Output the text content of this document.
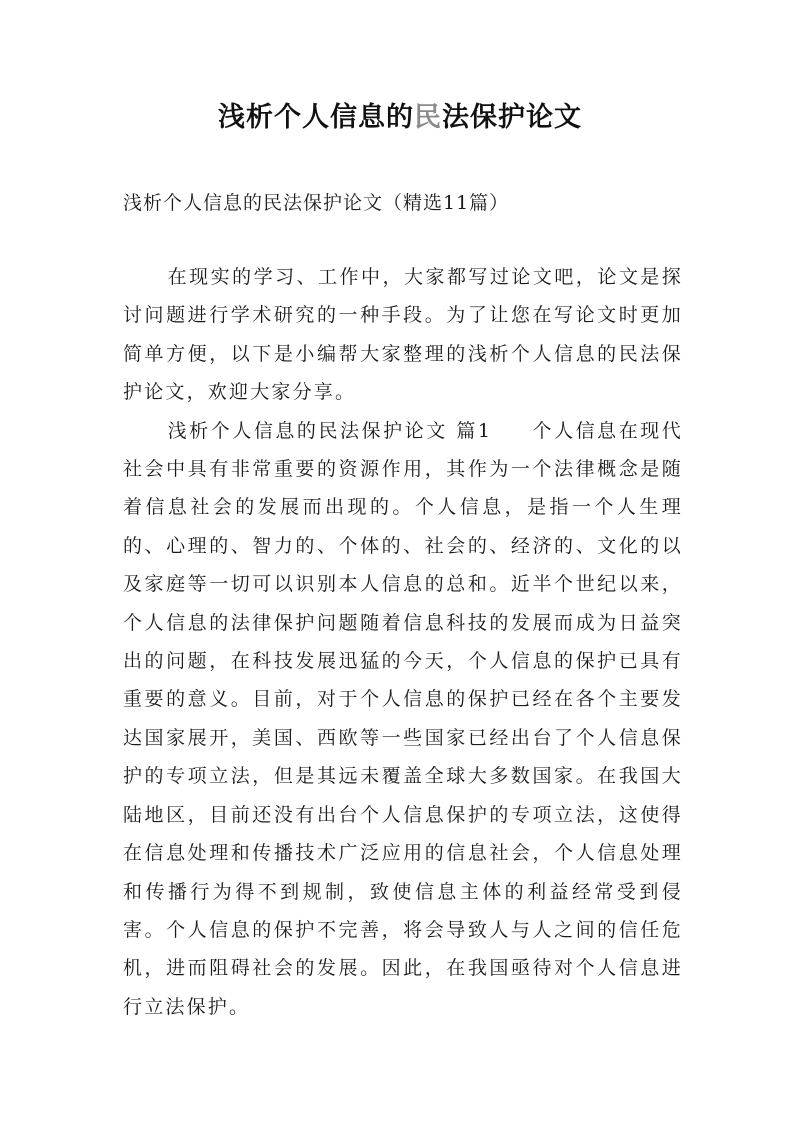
浅析个人信息的民法保护论文
浅析个人信息的民法保护论文（精选11篇）

在现实的学习、工作中，大家都写过论文吧，论文是探讨问题进行学术研究的一种手段。为了让您在写论文时更加简单方便，以下是小编帮大家整理的浅析个人信息的民法保护论文，欢迎大家分享。

浅析个人信息的民法保护论文 篇1 个人信息在现代社会中具有非常重要的资源作用，其作为一个法律概念是随着信息社会的发展而出现的。个人信息，是指一个人生理的、心理的、智力的、个体的、社会的、经济的、文化的以及家庭等一切可以识别本人信息的总和。近半个世纪以来，个人信息的法律保护问题随着信息科技的发展而成为日益突出的问题，在科技发展迅猛的今天，个人信息的保护已具有重要的意义。目前，对于个人信息的保护已经在各个主要发达国家展开，美国、西欧等一些国家已经出台了个人信息保护的专项立法，但是其远未覆盖全球大多数国家。在我国大陆地区，目前还没有出台个人信息保护的专项立法，这使得在信息处理和传播技术广泛应用的信息社会，个人信息处理和传播行为得不到规制，致使信息主体的利益经常受到侵害。个人信息的保护不完善，将会导致人与人之间的信任危机，进而阻碍社会的发展。因此，在我国亟待对个人信息进行立法保护。
